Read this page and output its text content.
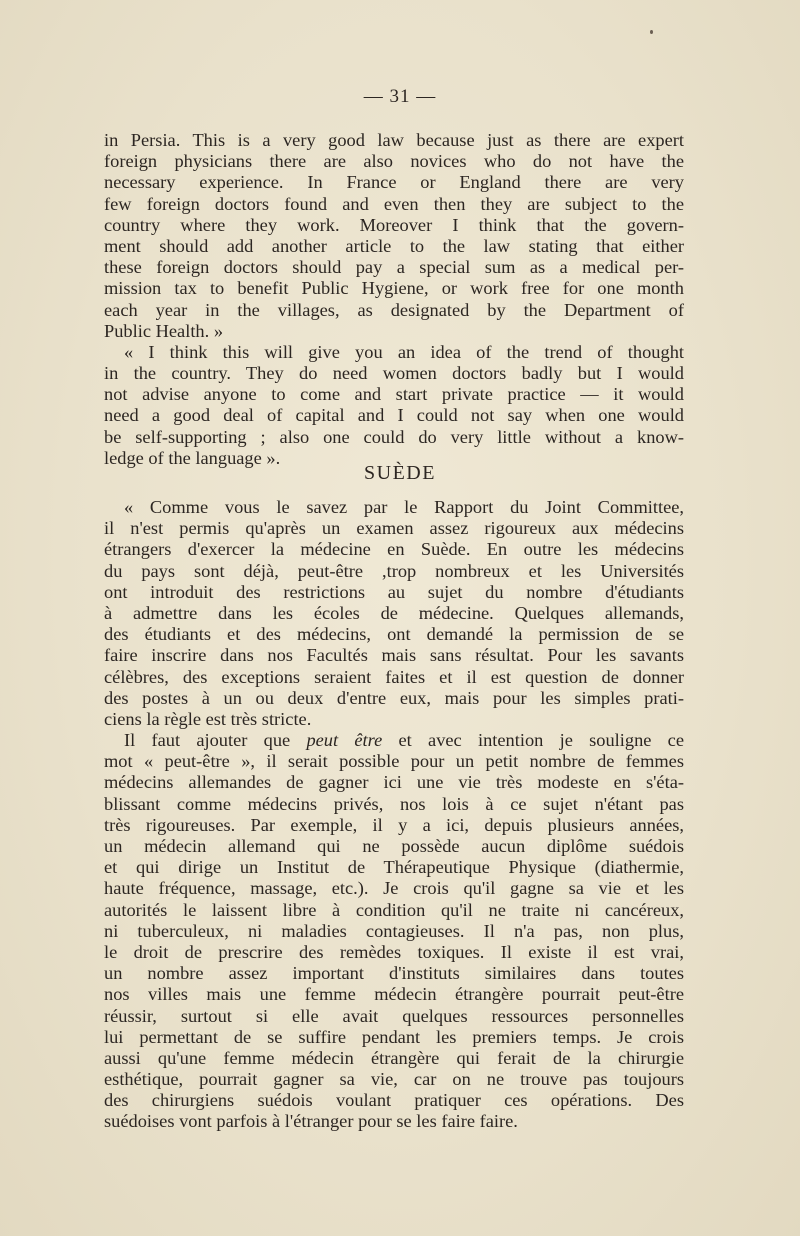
— 31 —
in Persia. This is a very good law because just as there are expert
foreign physicians there are also novices who do not have the
necessary experience. In France or England there are very
few foreign doctors found and even then they are subject to the
country where they work. Moreover I think that the govern-
ment should add another article to the law stating that either
these foreign doctors should pay a special sum as a medical per-
mission tax to benefit Public Hygiene, or work free for one month
each year in the villages, as designated by the Department of
Public Health. »
« I think this will give you an idea of the trend of thought
in the country. They do need women doctors badly but I would
not advise anyone to come and start private practice — it would
need a good deal of capital and I could not say when one would
be self-supporting ; also one could do very little without a know-
ledge of the language ».
SUÈDE
« Comme vous le savez par le Rapport du Joint Committee,
il n'est permis qu'après un examen assez rigoureux aux médecins
étrangers d'exercer la médecine en Suède. En outre les médecins
du pays sont déjà, peut-être ,trop nombreux et les Universités
ont introduit des restrictions au sujet du nombre d'étudiants
à admettre dans les écoles de médecine. Quelques allemands,
des étudiants et des médecins, ont demandé la permission de se
faire inscrire dans nos Facultés mais sans résultat. Pour les savants
célèbres, des exceptions seraient faites et il est question de donner
des postes à un ou deux d'entre eux, mais pour les simples prati-
ciens la règle est très stricte.
Il faut ajouter que peut être et avec intention je souligne ce
mot « peut-être », il serait possible pour un petit nombre de femmes
médecins allemandes de gagner ici une vie très modeste en s'éta-
blissant comme médecins privés, nos lois à ce sujet n'étant pas
très rigoureuses. Par exemple, il y a ici, depuis plusieurs années,
un médecin allemand qui ne possède aucun diplôme suédois
et qui dirige un Institut de Thérapeutique Physique (diathermie,
haute fréquence, massage, etc.). Je crois qu'il gagne sa vie et les
autorités le laissent libre à condition qu'il ne traite ni cancéreux,
ni tuberculeux, ni maladies contagieuses. Il n'a pas, non plus,
le droit de prescrire des remèdes toxiques. Il existe il est vrai,
un nombre assez important d'instituts similaires dans toutes
nos villes mais une femme médecin étrangère pourrait peut-être
réussir, surtout si elle avait quelques ressources personnelles
lui permettant de se suffire pendant les premiers temps. Je crois
aussi qu'une femme médecin étrangère qui ferait de la chirurgie
esthétique, pourrait gagner sa vie, car on ne trouve pas toujours
des chirurgiens suédois voulant pratiquer ces opérations. Des
suédoises vont parfois à l'étranger pour se les faire faire.
